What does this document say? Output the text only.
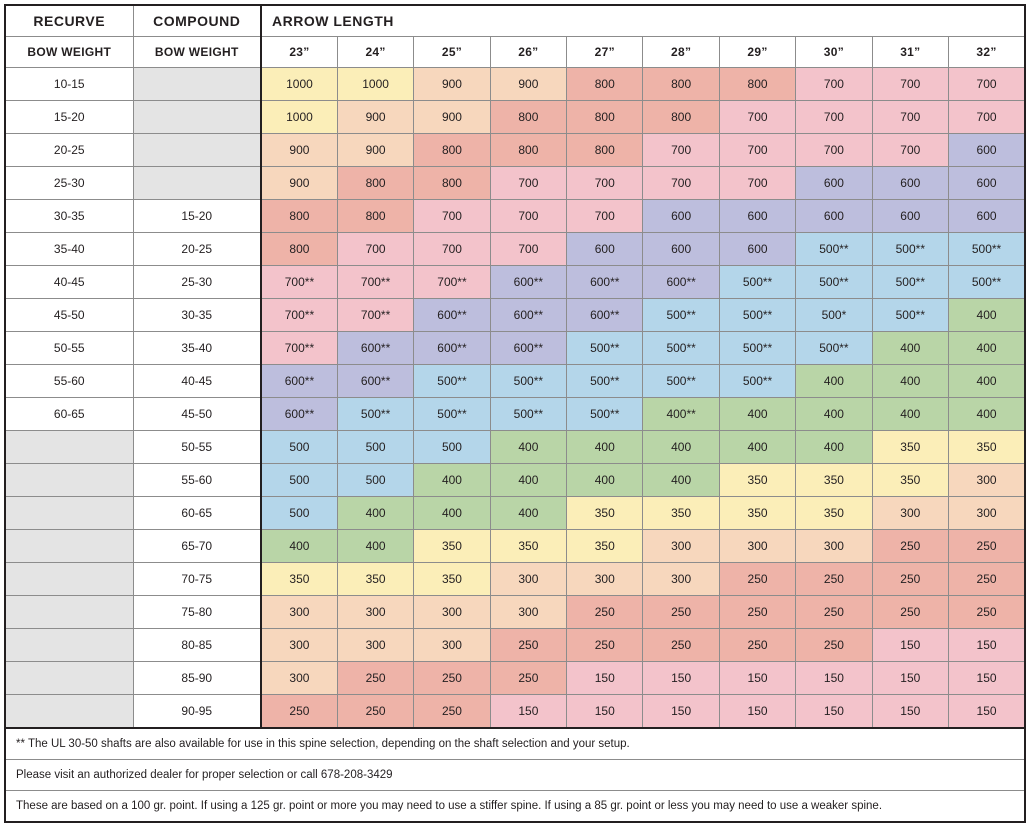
RECURVE	COMPOUND	ARROW LENGTH									
BOW WEIGHT	BOW WEIGHT	23”	24”	25”	26”	27”	28”	29”	30”	31”	32”
10-15		1000	1000	900	900	800	800	800	700	700	700
15-20		1000	900	900	800	800	800	700	700	700	700
20-25		900	900	800	800	800	700	700	700	700	600
25-30		900	800	800	700	700	700	700	600	600	600
30-35	15-20	800	800	700	700	700	600	600	600	600	600
35-40	20-25	800	700	700	700	600	600	600	500**	500**	500**
40-45	25-30	700**	700**	700**	600**	600**	600**	500**	500**	500**	500**
45-50	30-35	700**	700**	600**	600**	600**	500**	500**	500*	500**	400
50-55	35-40	700**	600**	600**	600**	500**	500**	500**	500**	400	400
55-60	40-45	600**	600**	500**	500**	500**	500**	500**	400	400	400
60-65	45-50	600**	500**	500**	500**	500**	400**	400	400	400	400
	50-55	500	500	500	400	400	400	400	400	350	350
	55-60	500	500	400	400	400	400	350	350	350	300
	60-65	500	400	400	400	350	350	350	350	300	300
	65-70	400	400	350	350	350	300	300	300	250	250
	70-75	350	350	350	300	300	300	250	250	250	250
	75-80	300	300	300	300	250	250	250	250	250	250
	80-85	300	300	300	250	250	250	250	250	150	150
	85-90	300	250	250	250	150	150	150	150	150	150
	90-95	250	250	250	150	150	150	150	150	150	150
** The UL 30-50 shafts are also available for use in this spine selection, depending on the shaft selection and your setup.											
Please visit an authorized dealer for proper selection or call 678-208-3429											
These are based on a 100 gr. point. If using a 125 gr. point or more you may need to use a stiffer spine. If using a 85 gr. point or less you may need to use a weaker spine.											
